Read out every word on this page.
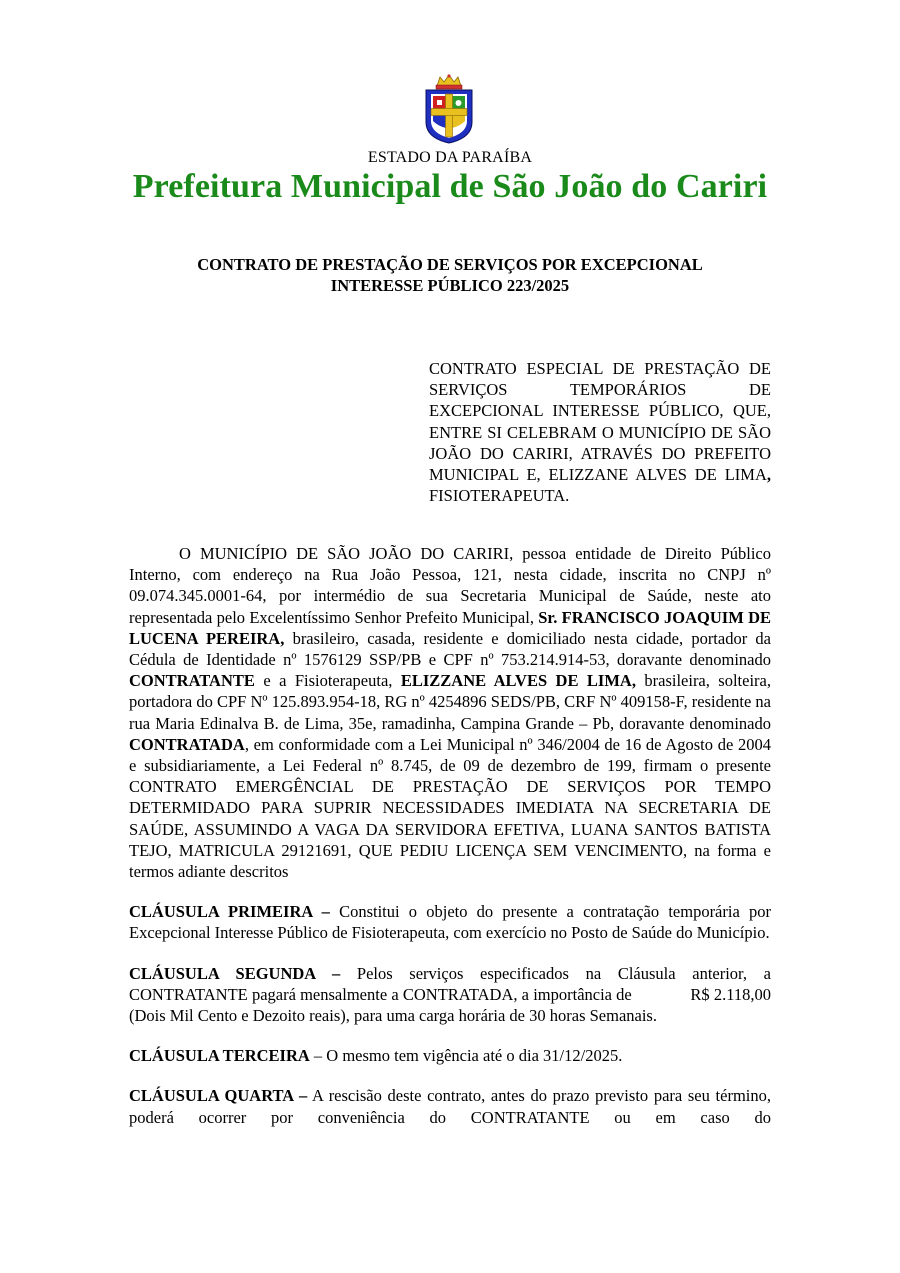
ESTADO DA PARAÍBA
Prefeitura Municipal de São João do Cariri
CONTRATO DE PRESTAÇÃO DE SERVIÇOS POR EXCEPCIONAL
INTERESSE PÚBLICO 223/2025
CONTRATO ESPECIAL DE PRESTAÇÃO DE SERVIÇOS TEMPORÁRIOS DE EXCEPCIONAL INTERESSE PÚBLICO, QUE, ENTRE SI CELEBRAM O MUNICÍPIO DE SÃO JOÃO DO CARIRI, ATRAVÉS DO PREFEITO MUNICIPAL E, ELIZZANE ALVES DE LIMA, FISIOTERAPEUTA.

O MUNICÍPIO DE SÃO JOÃO DO CARIRI, pessoa entidade de Direito Público Interno, com endereço na Rua João Pessoa, 121, nesta cidade, inscrita no CNPJ nº 09.074.345.0001-64, por intermédio de sua Secretaria Municipal de Saúde, neste ato representada pelo Excelentíssimo Senhor Prefeito Municipal, Sr. FRANCISCO JOAQUIM DE LUCENA PEREIRA, brasileiro, casada, residente e domiciliado nesta cidade, portador da Cédula de Identidade nº 1576129 SSP/PB e CPF nº 753.214.914-53, doravante denominado CONTRATANTE e a Fisioterapeuta, ELIZZANE ALVES DE LIMA, brasileira, solteira, portadora do CPF Nº 125.893.954-18, RG nº 4254896 SEDS/PB, CRF Nº 409158-F, residente na rua Maria Edinalva B. de Lima, 35e, ramadinha, Campina Grande – Pb, doravante denominado CONTRATADA, em conformidade com a Lei Municipal nº 346/2004 de 16 de Agosto de 2004 e subsidiariamente, a Lei Federal nº 8.745, de 09 de dezembro de 199, firmam o presente CONTRATO EMERGÊNCIAL DE PRESTAÇÃO DE SERVIÇOS POR TEMPO DETERMIDADO PARA SUPRIR NECESSIDADES IMEDIATA NA SECRETARIA DE SAÚDE, ASSUMINDO A VAGA DA SERVIDORA EFETIVA, LUANA SANTOS BATISTA TEJO, MATRICULA 29121691, QUE PEDIU LICENÇA SEM VENCIMENTO, na forma e termos adiante descritos

CLÁUSULA PRIMEIRA – Constitui o objeto do presente a contratação temporária por Excepcional Interesse Público de Fisioterapeuta, com exercício no Posto de Saúde do Município.

CLÁUSULA SEGUNDA – Pelos serviços especificados na Cláusula anterior, a CONTRATANTE pagará mensalmente a CONTRATADA, a importância de              R$ 2.118,00 (Dois Mil Cento e Dezoito reais), para uma carga horária de 30 horas Semanais.

CLÁUSULA TERCEIRA – O mesmo tem vigência até o dia 31/12/2025.

CLÁUSULA QUARTA – A rescisão deste contrato, antes do prazo previsto para seu término, poderá ocorrer por conveniência do CONTRATANTE ou em caso do
